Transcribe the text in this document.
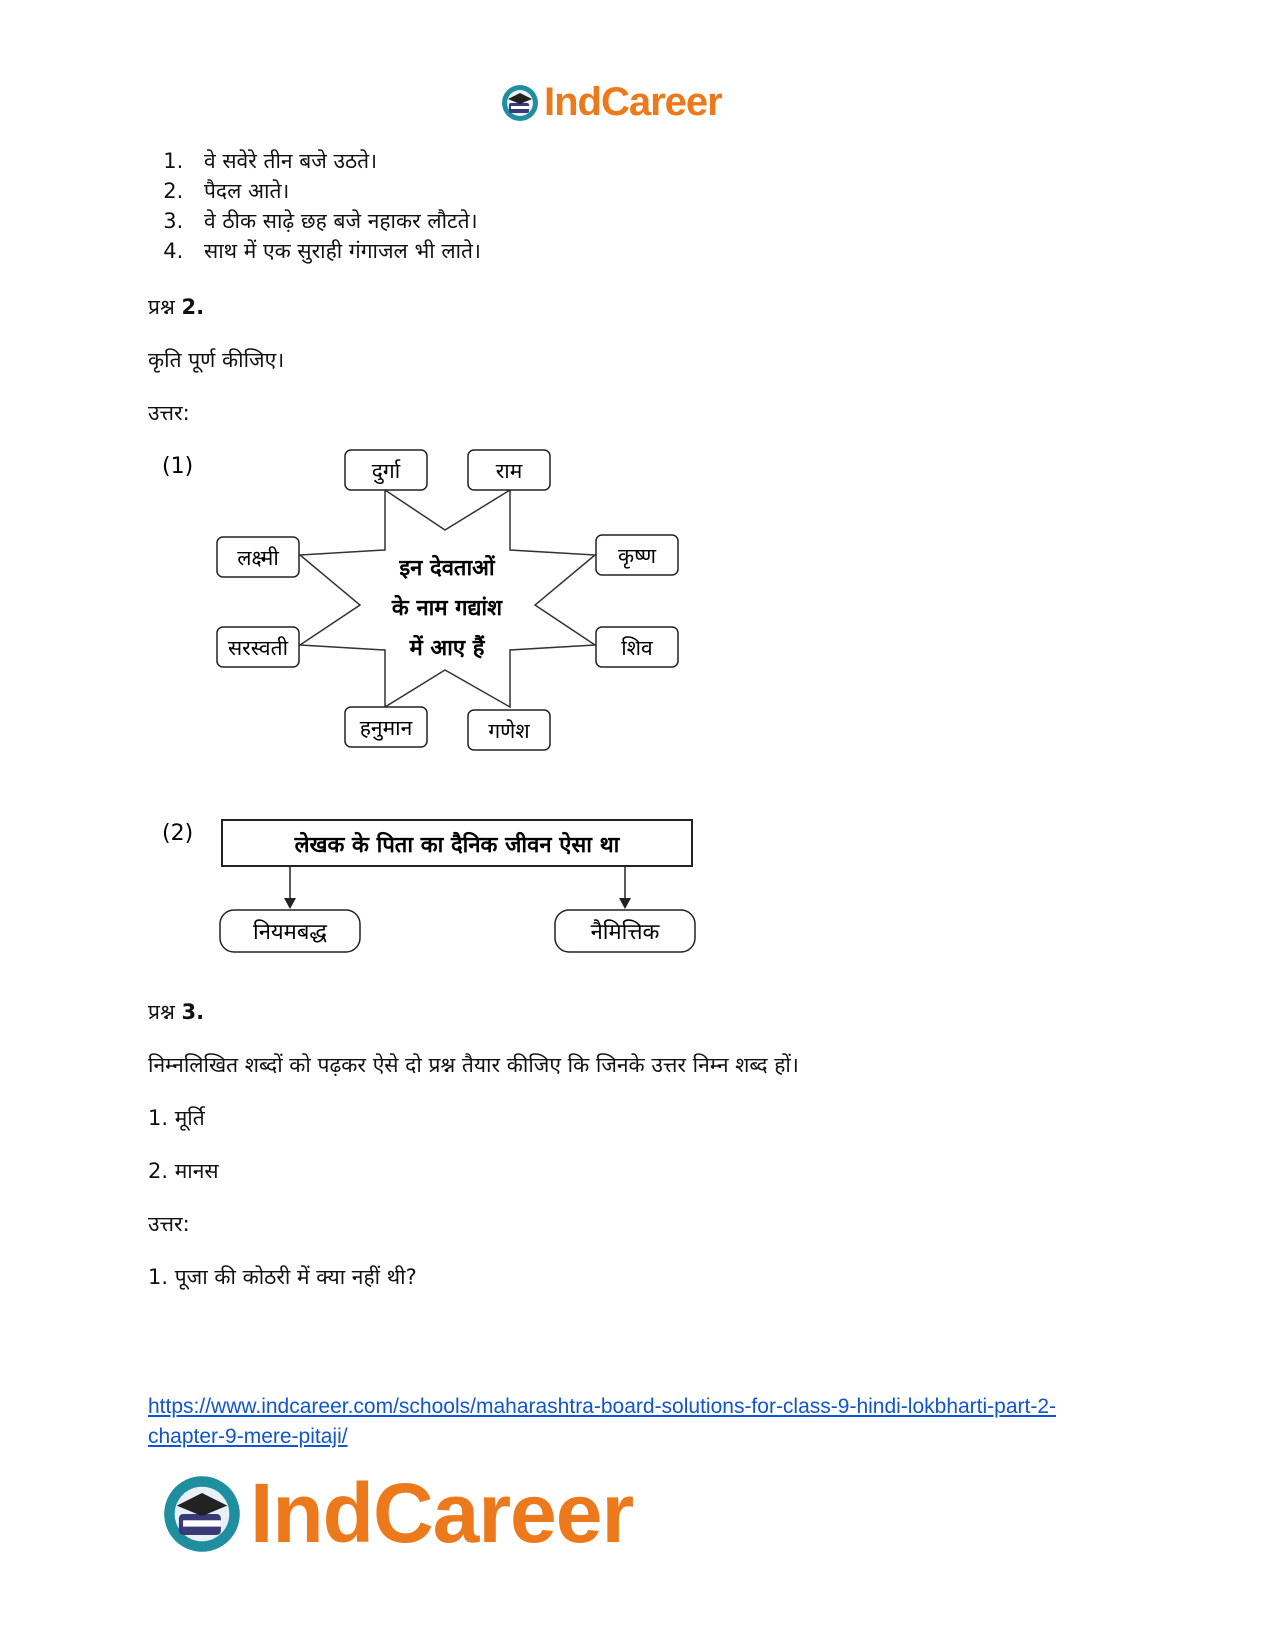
IndCareer
1. वे सवेरे तीन बजे उठते।
2. पैदल आते।
3. वे ठीक साढ़े छह बजे नहाकर लौटते।
4. साथ में एक सुराही गंगाजल भी लाते।
प्रश्न 2.
कृति पूर्ण कीजिए।
उत्तर:
(1)
इन देवताओं
के नाम गद्यांश
में आए हैं
दुर्गा	राम
लक्ष्मी	कृष्ण
सरस्वती	शिव
हनुमान	गणेश
(2)	लेखक के पिता का दैनिक जीवन ऐसा था
नियमबद्ध	नैमित्तिक
प्रश्न 3.
निम्नलिखित शब्दों को पढ़कर ऐसे दो प्रश्न तैयार कीजिए कि जिनके उत्तर निम्न शब्द हों।
1. मूर्ति
2. मानस
उत्तर:
1. पूजा की कोठरी में क्या नहीं थी?
https://www.indcareer.com/schools/maharashtra-board-solutions-for-class-9-hindi-lokbharti-part-2-chapter-9-mere-pitaji/
IndCareer
